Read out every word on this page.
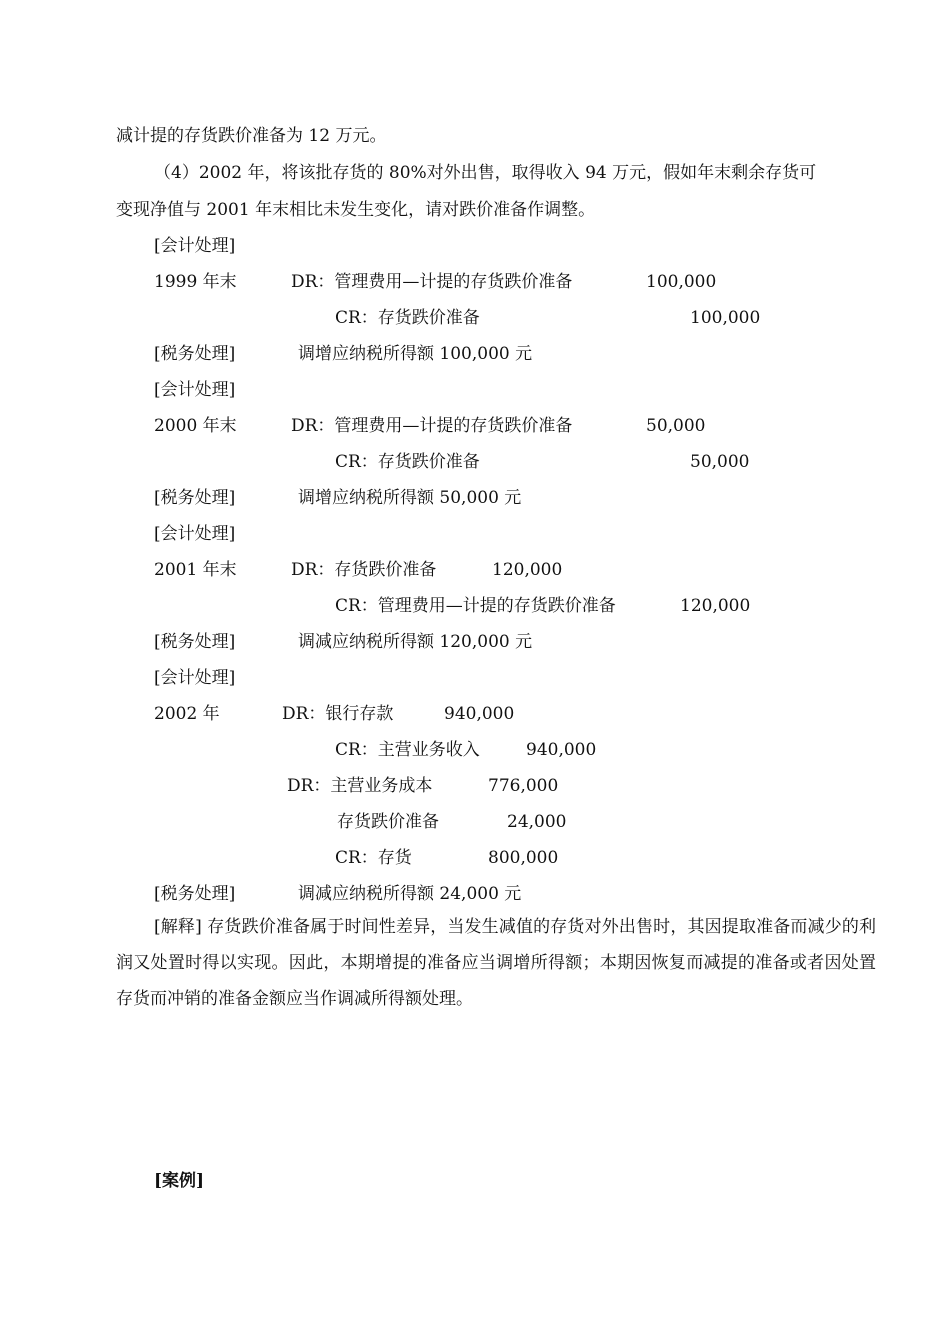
减计提的存货跌价准备为 12 万元。
（4）2002 年，将该批存货的 80%对外出售，取得收入 94 万元，假如年末剩余存货可
变现净值与 2001 年末相比未发生变化，请对跌价准备作调整。
[会计处理]
1999 年末	DR：管理费用—计提的存货跌价准备	100,000
CR：存货跌价准备	100,000
[税务处理]	调增应纳税所得额 100,000 元
[会计处理]
2000 年末	DR：管理费用—计提的存货跌价准备	50,000
CR：存货跌价准备	50,000
[税务处理]	调增应纳税所得额 50,000 元
[会计处理]
2001 年末	DR：存货跌价准备	120,000
CR：管理费用—计提的存货跌价准备	120,000
[税务处理]	调减应纳税所得额 120,000 元
[会计处理]
2002 年	DR：银行存款	940,000
CR：主营业务收入	940,000
DR：主营业务成本	776,000
存货跌价准备	24,000
CR：存货	800,000
[税务处理]	调减应纳税所得额 24,000 元
[解释] 存货跌价准备属于时间性差异，当发生减值的存货对外出售时，其因提取准备而减少的利润又处置时得以实现。因此，本期增提的准备应当调增所得额；本期因恢复而减提的准备或者因处置存货而冲销的准备金额应当作调减所得额处理。
[案例]
